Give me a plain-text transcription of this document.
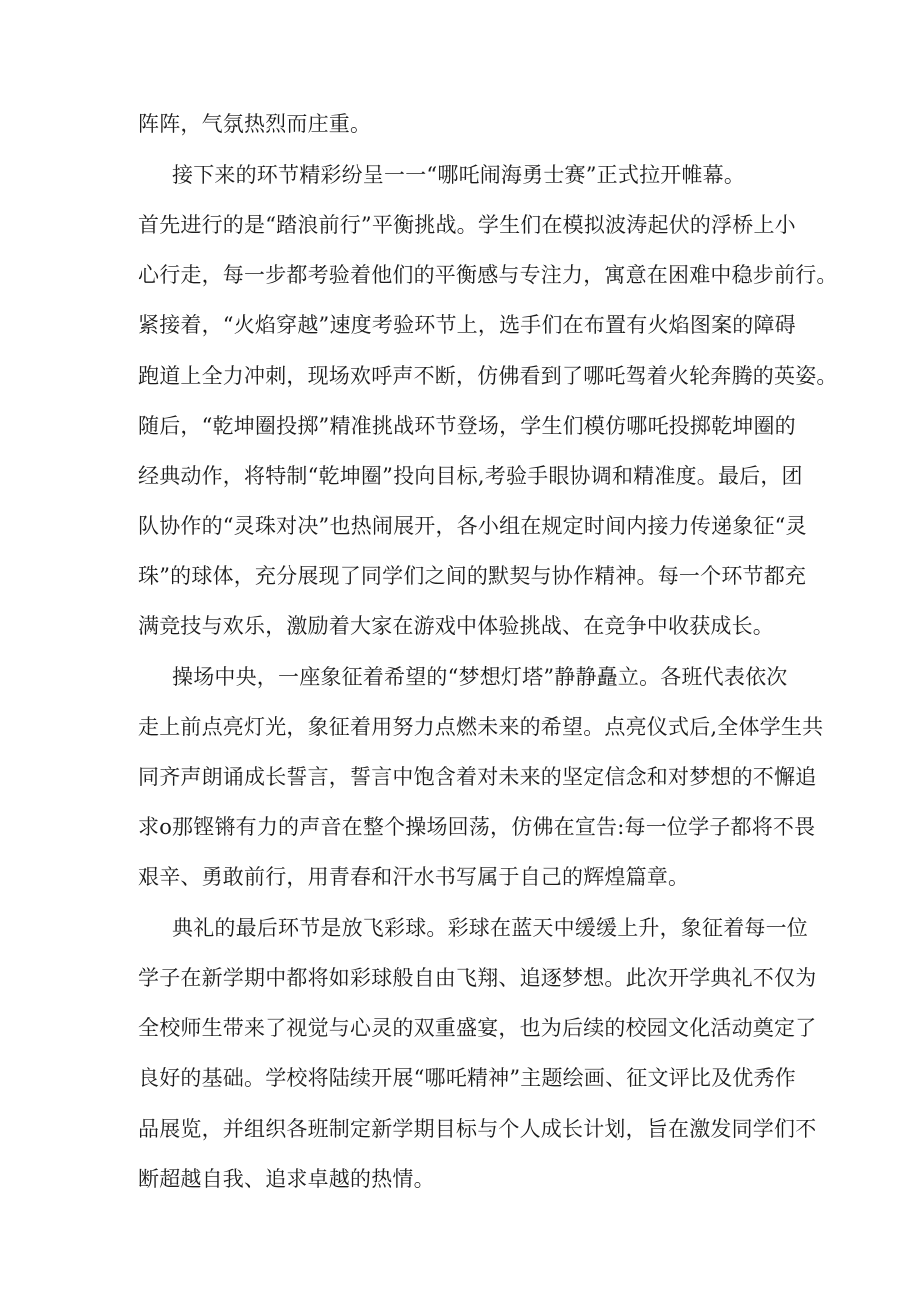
阵阵，气氛热烈而庄重。
接下来的环节精彩纷呈一一“哪吒闹海勇士赛”正式拉开帷幕。
首先进行的是“踏浪前行”平衡挑战。学生们在模拟波涛起伏的浮桥上小
心行走，每一步都考验着他们的平衡感与专注力，寓意在困难中稳步前行。
紧接着，“火焰穿越”速度考验环节上，选手们在布置有火焰图案的障碍
跑道上全力冲刺，现场欢呼声不断，仿佛看到了哪吒驾着火轮奔腾的英姿。
随后，“乾坤圈投掷”精准挑战环节登场，学生们模仿哪吒投掷乾坤圈的
经典动作，将特制“乾坤圈”投向目标,考验手眼协调和精准度。最后，团
队协作的“灵珠对决”也热闹展开，各小组在规定时间内接力传递象征“灵
珠”的球体，充分展现了同学们之间的默契与协作精神。每一个环节都充
满竞技与欢乐，激励着大家在游戏中体验挑战、在竞争中收获成长。
操场中央，一座象征着希望的“梦想灯塔”静静矗立。各班代表依次
走上前点亮灯光，象征着用努力点燃未来的希望。点亮仪式后,全体学生共
同齐声朗诵成长誓言，誓言中饱含着对未来的坚定信念和对梦想的不懈追
求o那铿锵有力的声音在整个操场回荡，仿佛在宣告:每一位学子都将不畏
艰辛、勇敢前行，用青春和汗水书写属于自己的辉煌篇章。
典礼的最后环节是放飞彩球。彩球在蓝天中缓缓上升，象征着每一位
学子在新学期中都将如彩球般自由飞翔、追逐梦想。此次开学典礼不仅为
全校师生带来了视觉与心灵的双重盛宴，也为后续的校园文化活动奠定了
良好的基础。学校将陆续开展“哪吒精神”主题绘画、征文评比及优秀作
品展览，并组织各班制定新学期目标与个人成长计划，旨在激发同学们不
断超越自我、追求卓越的热情。
